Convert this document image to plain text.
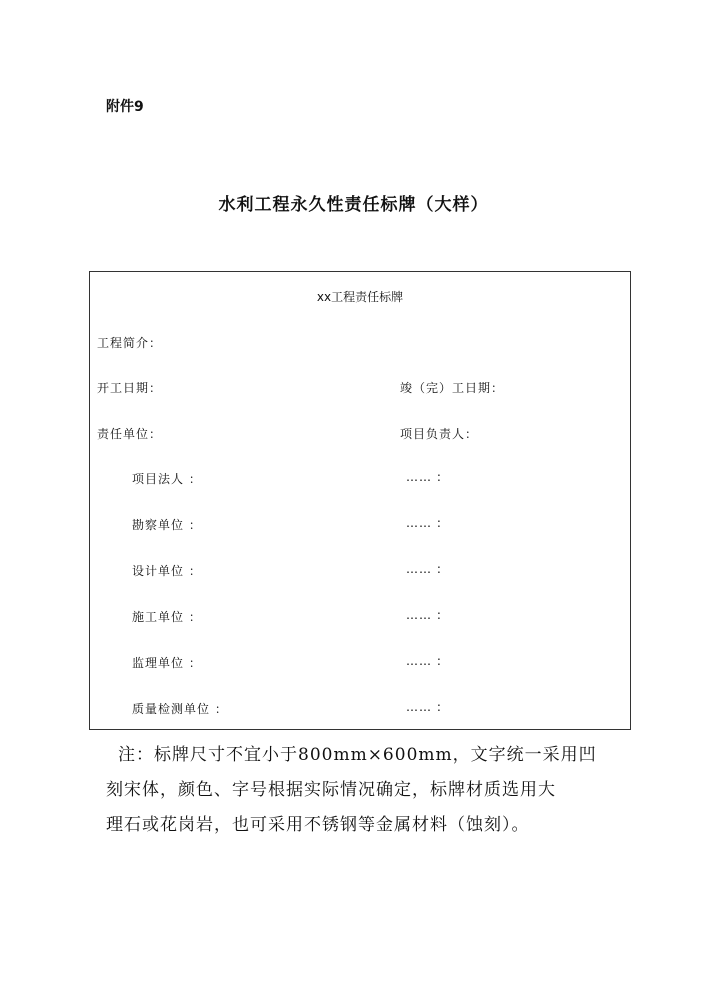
附件9
水利工程永久性责任标牌（大样）
xx工程责任标牌
工程简介：
开工日期：	竣（完）工日期：
责任单位：	项目负责人：
项目法人 ：	…… :
勘察单位 ：	…… :
设计单位 ：	…… :
施工单位 ：	…… :
监理单位 ：	…… :
质量检测单位 ：	…… :

注：标牌尺寸不宜小于800mm×600mm，文字统一采用凹

刻宋体，颜色、字号根据实际情况确定，标牌材质选用大

理石或花岗岩，也可采用不锈钢等金属材料（蚀刻）。
